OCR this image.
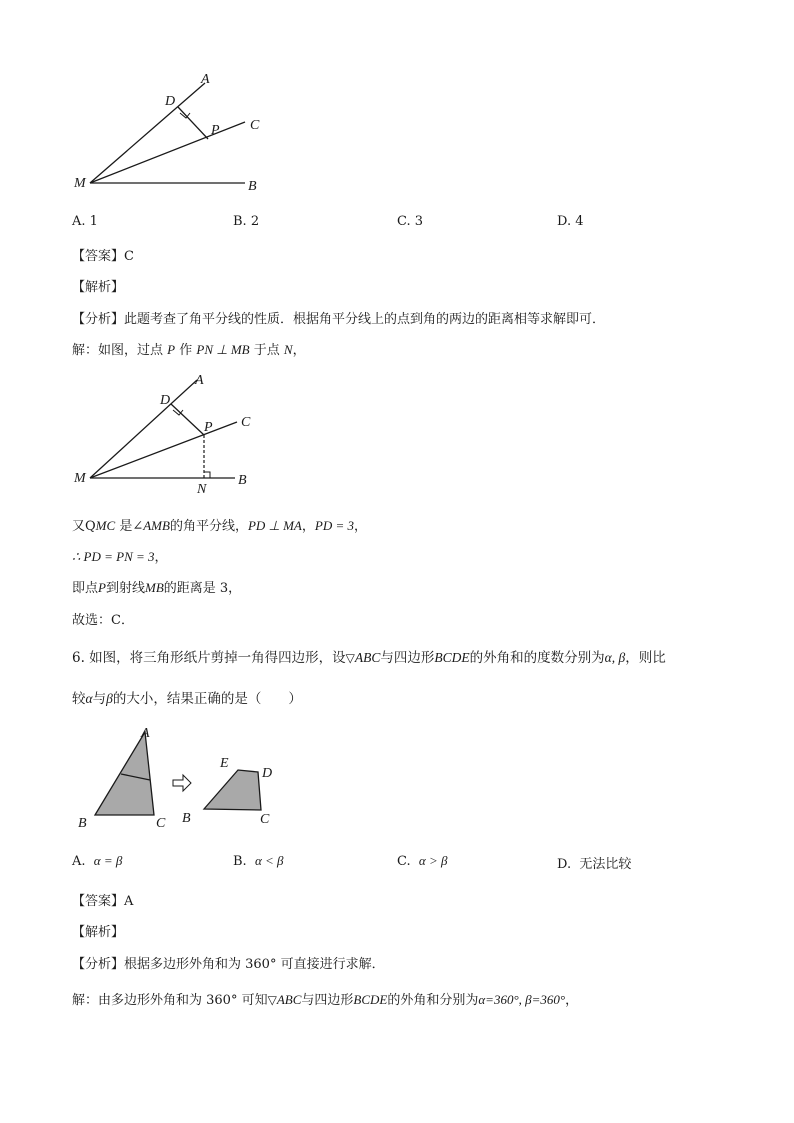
A
D
P C
M	B
A. 1	B. 2	C. 3	D. 4
【答案】C
【解析】
【分析】此题考查了角平分线的性质．根据角平分线上的点到角的两边的距离相等求解即可．
解：如图，过点 P 作 PN ⊥ MB 于点 N，
A
D
P C
M
N
B
又QMC 是∠AMB的角平分线，PD ⊥ MA，PD = 3，
∴ PD = PN = 3，
即点P到射线MB的距离是 3，
故选：C．
6. 如图，将三角形纸片剪掉一角得四边形，设▽ABC与四边形BCDE的外角和的度数分别为α, β，则比
较α与β的大小，结果正确的是（　　）
A
B	C
E
D
B	C
A. α = β	B. α < β	C. α > β	D. 无法比较
【答案】A
【解析】
【分析】根据多边形外角和为 360° 可直接进行求解．
解：由多边形外角和为 360° 可知▽ABC与四边形BCDE的外角和分别为α=360°, β=360°，
